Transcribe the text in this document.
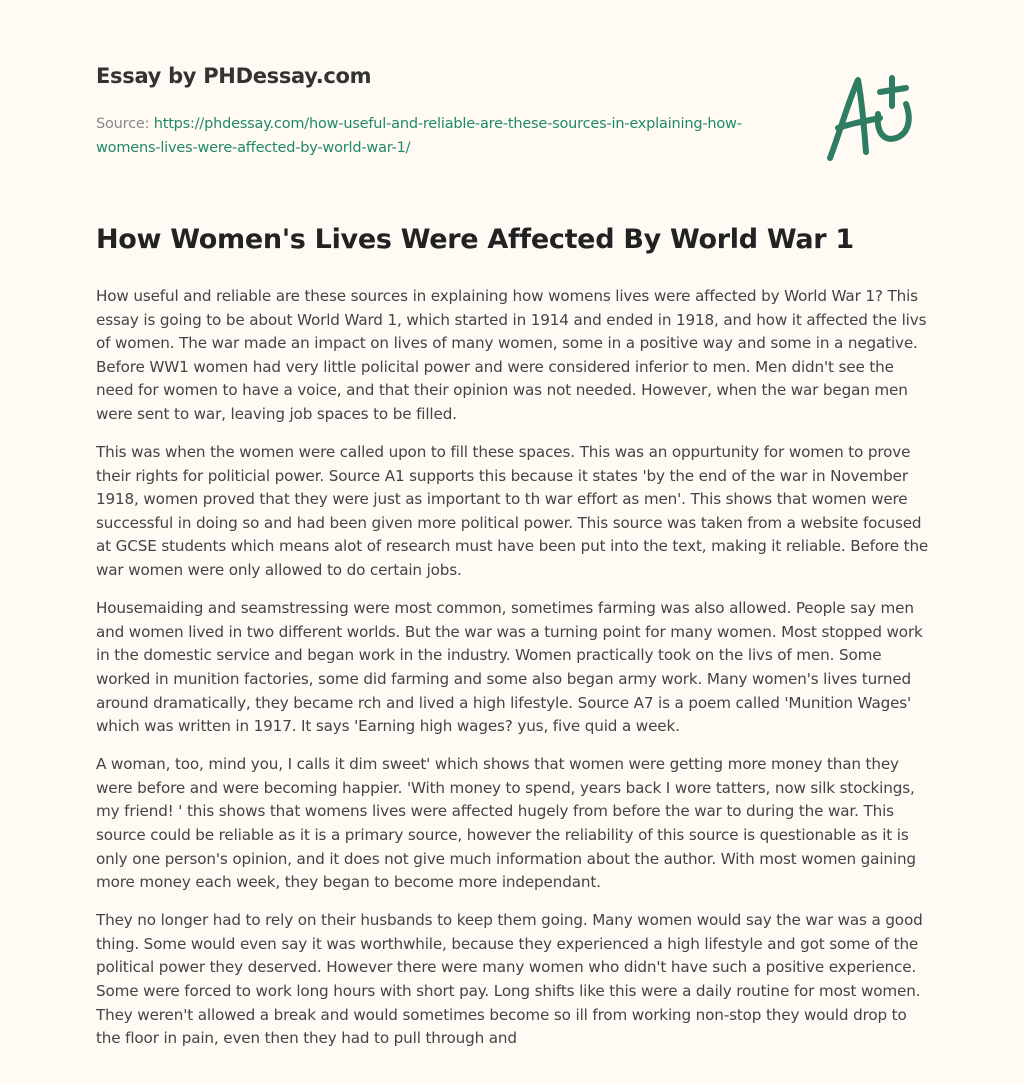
Essay by PHDessay.com
Source: https://phdessay.com/how-useful-and-reliable-are-these-sources-in-explaining-how-womens-lives-were-affected-by-world-war-1/
How Women's Lives Were Affected By World War 1

How useful and reliable are these sources in explaining how womens lives were affected by World War 1? This essay is going to be about World Ward 1, which started in 1914 and ended in 1918, and how it affected the livs of women. The war made an impact on lives of many women, some in a positive way and some in a negative. Before WW1 women had very little policital power and were considered inferior to men. Men didn't see the need for women to have a voice, and that their opinion was not needed. However, when the war began men were sent to war, leaving job spaces to be filled.

This was when the women were called upon to fill these spaces. This was an oppurtunity for women to prove their rights for politicial power. Source A1 supports this because it states 'by the end of the war in November 1918, women proved that they were just as important to th war effort as men'. This shows that women were successful in doing so and had been given more political power. This source was taken from a website focused at GCSE students which means alot of research must have been put into the text, making it reliable. Before the war women were only allowed to do certain jobs.

Housemaiding and seamstressing were most common, sometimes farming was also allowed. People say men and women lived in two different worlds. But the war was a turning point for many women. Most stopped work in the domestic service and began work in the industry. Women practically took on the livs of men. Some worked in munition factories, some did farming and some also began army work. Many women's lives turned around dramatically, they became rch and lived a high lifestyle. Source A7 is a poem called 'Munition Wages' which was written in 1917. It says 'Earning high wages? yus, five quid a week.

A woman, too, mind you, I calls it dim sweet' which shows that women were getting more money than they were before and were becoming happier. 'With money to spend, years back I wore tatters, now silk stockings, my friend! ' this shows that womens lives were affected hugely from before the war to during the war. This source could be reliable as it is a primary source, however the reliability of this source is questionable as it is only one person's opinion, and it does not give much information about the author. With most women gaining more money each week, they began to become more independant.

They no longer had to rely on their husbands to keep them going. Many women would say the war was a good thing. Some would even say it was worthwhile, because they experienced a high lifestyle and got some of the political power they deserved. However there were many women who didn't have such a positive experience. Some were forced to work long hours with short pay. Long shifts like this were a daily routine for most women. They weren't allowed a break and would sometimes become so ill from working non-stop they would drop to the floor in pain, even then they had to pull through and
